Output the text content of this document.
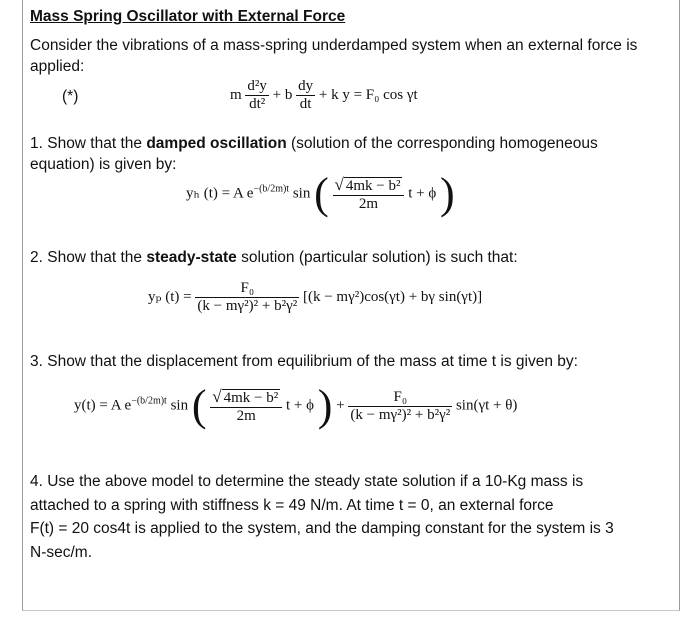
Mass Spring Oscillator with External Force
Consider the vibrations of a mass-spring underdamped system when an external force is applied:
(*)	m $\frac{\text{d²y}}{\text{dt²}} + b \frac{dy}{dt} + k$ y = F₀ cos γt
1. Show that the damped oscillation (solution of the corresponding homogeneous equation) is given by:
yₕ (t) = A $e^{-(b/2m)t}$ sin ( $\frac{\text{√ 4mk − b²}}{2m}$ t + ϕ )
2. Show that the steady-state solution (particular solution) is such that:
yₚ $(t) = \frac{\text{F₀}}{\text{(k − mγ²)² + b²γ²}} [(k - m\gamma^2)\cos(\gamma t) + b\gamma$ sin(γt)]
3. Show that the displacement from equilibrium of the mass at time t is given by:
y(t) = A $e^{-(b/2m)t}$ sin ( $\frac{\text{√ 4mk − b²}}{2m}$ t + ϕ ) + $\frac{\text{F₀}}{\text{(k − mγ²)² + b²γ²}} \sin(\gamma t + \theta)$
4. Use the above model to determine the steady state solution if a 10-Kg mass is
attached to a spring with stiffness k = 49 N/m. At time t = 0, an external force
F(t) = 20 cos4t is applied to the system, and the damping constant for the system is 3
N-sec/m.
